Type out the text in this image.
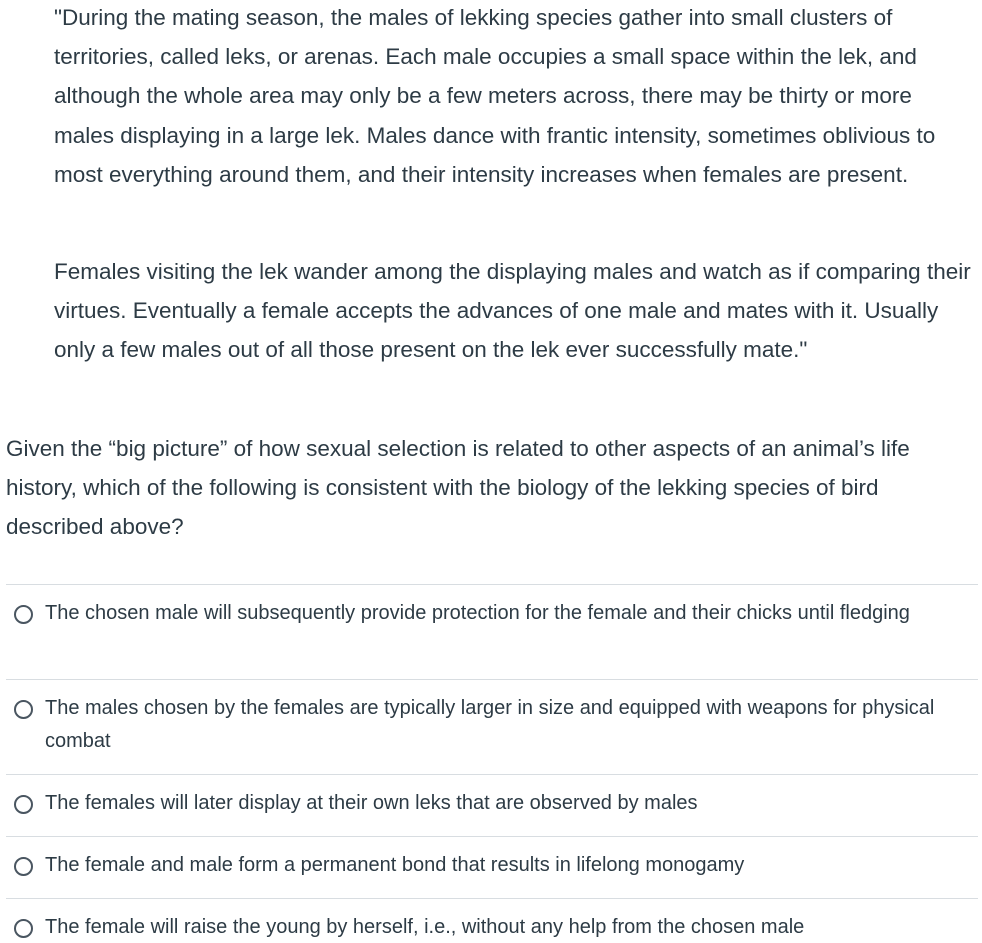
"During the mating season, the males of lekking species gather into small clusters of territories, called leks, or arenas. Each male occupies a small space within the lek, and although the whole area may only be a few meters across, there may be thirty or more males displaying in a large lek. Males dance with frantic intensity, sometimes oblivious to most everything around them, and their intensity increases when females are present.

Females visiting the lek wander among the displaying males and watch as if comparing their virtues. Eventually a female accepts the advances of one male and mates with it. Usually only a few males out of all those present on the lek ever successfully mate."

Given the “big picture” of how sexual selection is related to other aspects of an animal’s life history, which of the following is consistent with the biology of the lekking species of bird described above?
The chosen male will subsequently provide protection for the female and their chicks until fledging
The males chosen by the females are typically larger in size and equipped with weapons for physical combat
The females will later display at their own leks that are observed by males
The female and male form a permanent bond that results in lifelong monogamy
The female will raise the young by herself, i.e., without any help from the chosen male
